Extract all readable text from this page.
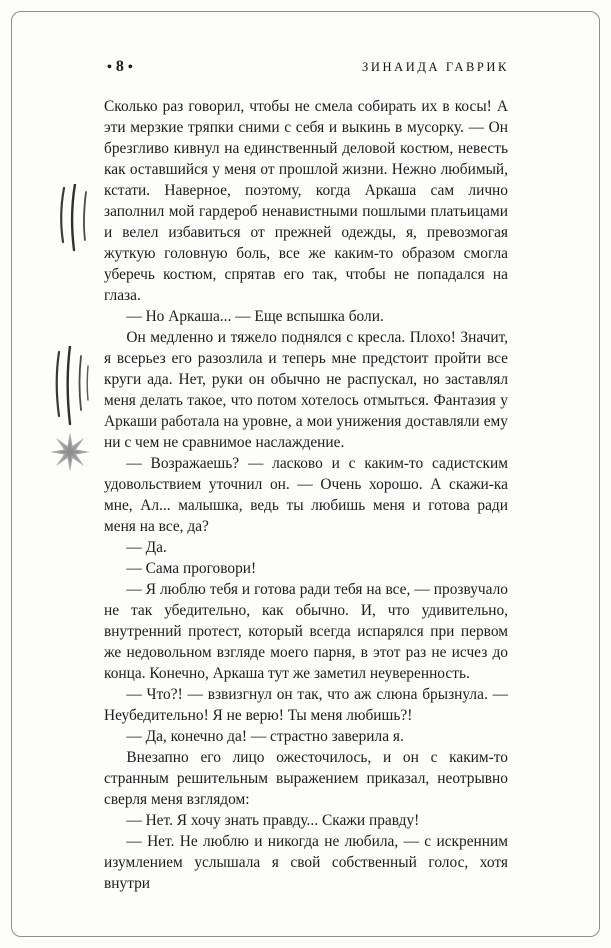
• 8 •	ЗИНАИДА ГАВРИК

Сколько раз говорил, чтобы не смела собирать их в косы! А эти мерзкие тряпки сними с себя и выкинь в мусорку. — Он брезгливо кивнул на единственный деловой костюм, невесть как оставшийся у меня от прошлой жизни. Нежно любимый, кстати. Наверное, поэтому, когда Аркаша сам лично заполнил мой гардероб ненавистными пошлыми платьицами и велел избавиться от прежней одежды, я, превозмогая жуткую головную боль, все же каким-то образом смогла уберечь костюм, спрятав его так, чтобы не попадался на глаза.

— Но Аркаша... — Еще вспышка боли.

Он медленно и тяжело поднялся с кресла. Плохо! Значит, я всерьез его разозлила и теперь мне предстоит пройти все круги ада. Нет, руки он обычно не распускал, но заставлял меня делать такое, что потом хотелось отмыться. Фантазия у Аркаши работала на уровне, а мои унижения доставляли ему ни с чем не сравнимое наслаждение.

— Возражаешь? — ласково и с каким-то садистским удовольствием уточнил он. — Очень хорошо. А скажи-ка мне, Ал... малышка, ведь ты любишь меня и готова ради меня на все, да?

— Да.

— Сама проговори!

— Я люблю тебя и готова ради тебя на все, — прозвучало не так убедительно, как обычно. И, что удивительно, внутренний протест, который всегда испарялся при первом же недовольном взгляде моего парня, в этот раз не исчез до конца. Конечно, Аркаша тут же заметил неуверенность.

— Что?! — взвизгнул он так, что аж слюна брызнула. — Неубедительно! Я не верю! Ты меня любишь?!

— Да, конечно да! — страстно заверила я.

Внезапно его лицо ожесточилось, и он с каким-то странным решительным выражением приказал, неотрывно сверля меня взглядом:

— Нет. Я хочу знать правду... Скажи правду!

— Нет. Не люблю и никогда не любила, — с искренним изумлением услышала я свой собственный голос, хотя внутри
